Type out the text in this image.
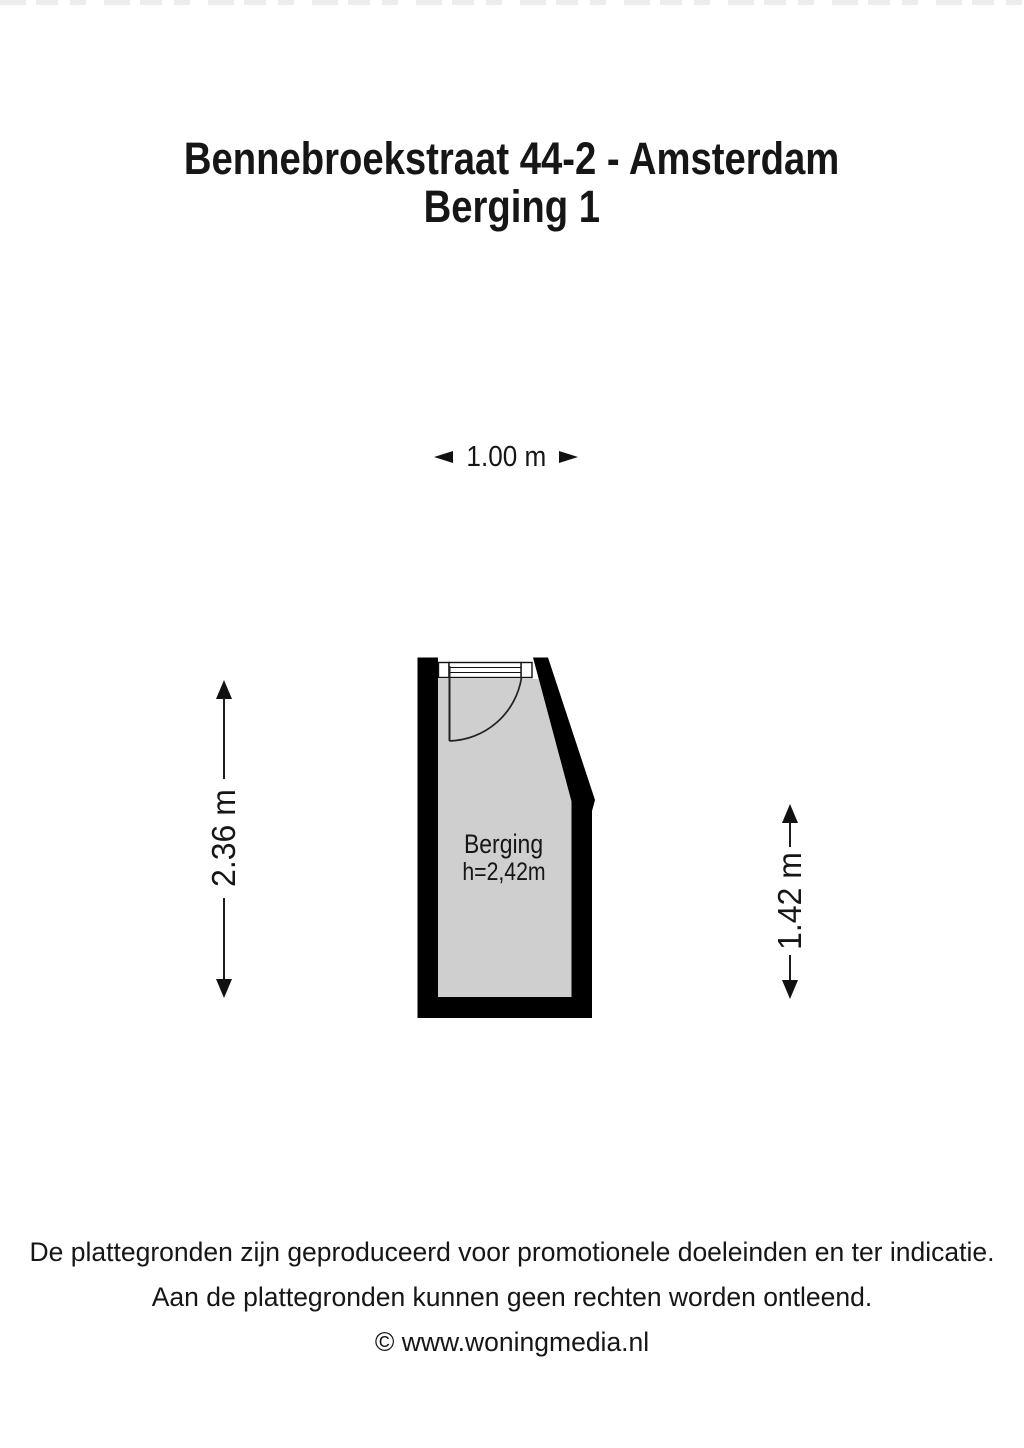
Bennebroekstraat 44-2 - Amsterdam
Berging 1
1.00 m
Berging
h=2,42m
2.36 m
1.42 m
De plattegronden zijn geproduceerd voor promotionele doeleinden en ter indicatie.
Aan de plattegronden kunnen geen rechten worden ontleend.
© www.woningmedia.nl
